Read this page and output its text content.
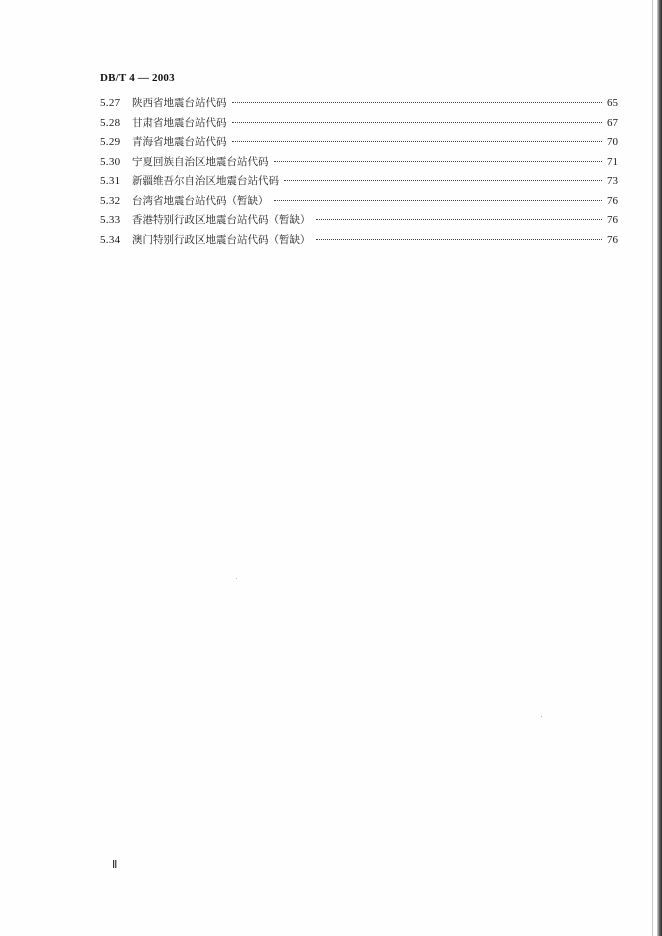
DB/T 4 — 2003
5.27	陕西省地震台站代码	65
5.28	甘肃省地震台站代码	67
5.29	青海省地震台站代码	70
5.30	宁夏回族自治区地震台站代码	71
5.31	新疆维吾尔自治区地震台站代码	73
5.32	台湾省地震台站代码（暂缺）	76
5.33	香港特别行政区地震台站代码（暂缺）	76
5.34	澳门特别行政区地震台站代码（暂缺）	76
Ⅱ
